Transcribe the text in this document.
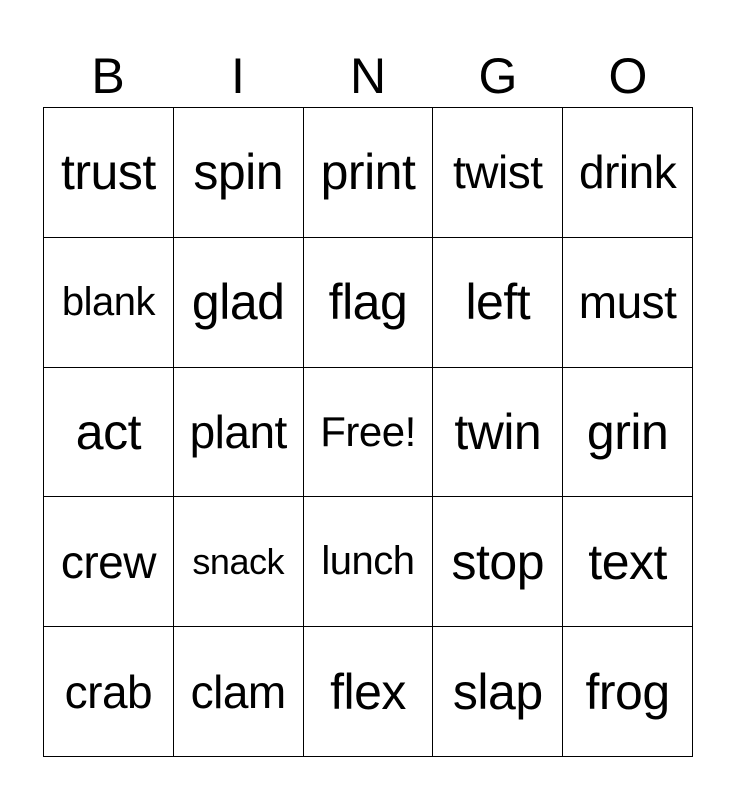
B	I	N	G	O
trust spin print twist drink
blank glad flag left must
act plant Free! twin grin
crew snack lunch stop text
crab clam flex slap frog
